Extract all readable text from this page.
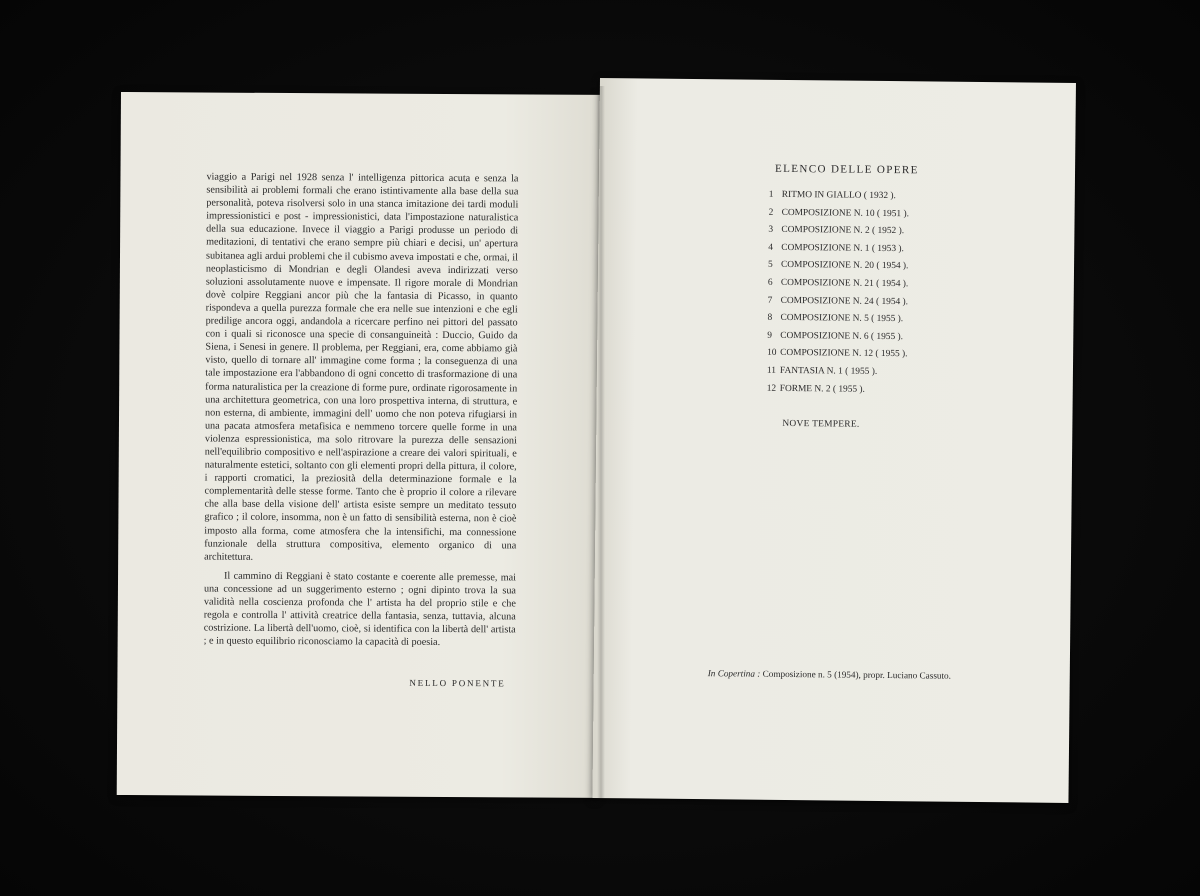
viaggio a Parigi nel 1928 senza l' intelligenza pittorica acuta e senza la sensibilità ai problemi formali che erano istintivamente alla base della sua personalità, poteva risolversi solo in una stanca imitazione dei tardi moduli impressionistici e post - impressionistici, data l'impostazione naturalistica della sua educazione. Invece il viaggio a Parigi produsse un periodo di meditazioni, di tentativi che erano sempre più chiari e decisi, un' apertura subitanea agli ardui problemi che il cubismo aveva impostati e che, ormai, il neoplasticismo di Mondrian e degli Olandesi aveva indirizzati verso soluzioni assolutamente nuove e impensate. Il rigore morale di Mondrian dovè colpire Reggiani ancor più che la fantasia di Picasso, in quanto rispondeva a quella purezza formale che era nelle sue intenzioni e che egli predilige ancora oggi, andandola a ricercare perfino nei pittori del passato con i quali si riconosce una specie di consanguineità : Duccio, Guido da Siena, i Senesi in genere. Il problema, per Reggiani, era, come abbiamo già visto, quello di tornare all' immagine come forma ; la conseguenza di una tale impostazione era l'abbandono di ogni concetto di trasformazione di una forma naturalistica per la creazione di forme pure, ordinate rigorosamente in una architettura geometrica, con una loro prospettiva interna, di struttura, e non esterna, di ambiente, immagini dell' uomo che non poteva rifugiarsi in una pacata atmosfera metafisica e nemmeno torcere quelle forme in una violenza espressionistica, ma solo ritrovare la purezza delle sensazioni nell'equilibrio compositivo e nell'aspirazione a creare dei valori spirituali, e naturalmente estetici, soltanto con gli elementi propri della pittura, il colore, i rapporti cromatici, la preziosità della determinazione formale e la complementarità delle stesse forme. Tanto che è proprio il colore a rilevare che alla base della visione dell' artista esiste sempre un meditato tessuto grafico ; il colore, insomma, non è un fatto di sensibilità esterna, non è cioè imposto alla forma, come atmosfera che la intensifichi, ma connessione funzionale della struttura compositiva, elemento organico di una architettura.

Il cammino di Reggiani è stato costante e coerente alle premesse, mai una concessione ad un suggerimento esterno ; ogni dipinto trova la sua validità nella coscienza profonda che l' artista ha del proprio stile e che regola e controlla l' attività creatrice della fantasia, senza, tuttavia, alcuna costrizione. La libertà dell'uomo, cioè, si identifica con la libertà dell' artista ; e in questo equilibrio riconosciamo la capacità di poesia.

NELLO PONENTE
ELENCO DELLE OPERE
1 RITMO IN GIALLO ( 1932 ).
2 COMPOSIZIONE N. 10 ( 1951 ).
3 COMPOSIZIONE N. 2 ( 1952 ).
4 COMPOSIZIONE N. 1 ( 1953 ).
5 COMPOSIZIONE N. 20 ( 1954 ).
6 COMPOSIZIONE N. 21 ( 1954 ).
7 COMPOSIZIONE N. 24 ( 1954 ).
8 COMPOSIZIONE N. 5 ( 1955 ).
9 COMPOSIZIONE N. 6 ( 1955 ).
10 COMPOSIZIONE N. 12 ( 1955 ).
11 FANTASIA N. 1 ( 1955 ).
12 FORME N. 2 ( 1955 ).
NOVE TEMPERE.
In Copertina : Composizione n. 5 (1954), propr. Luciano Cassuto.
